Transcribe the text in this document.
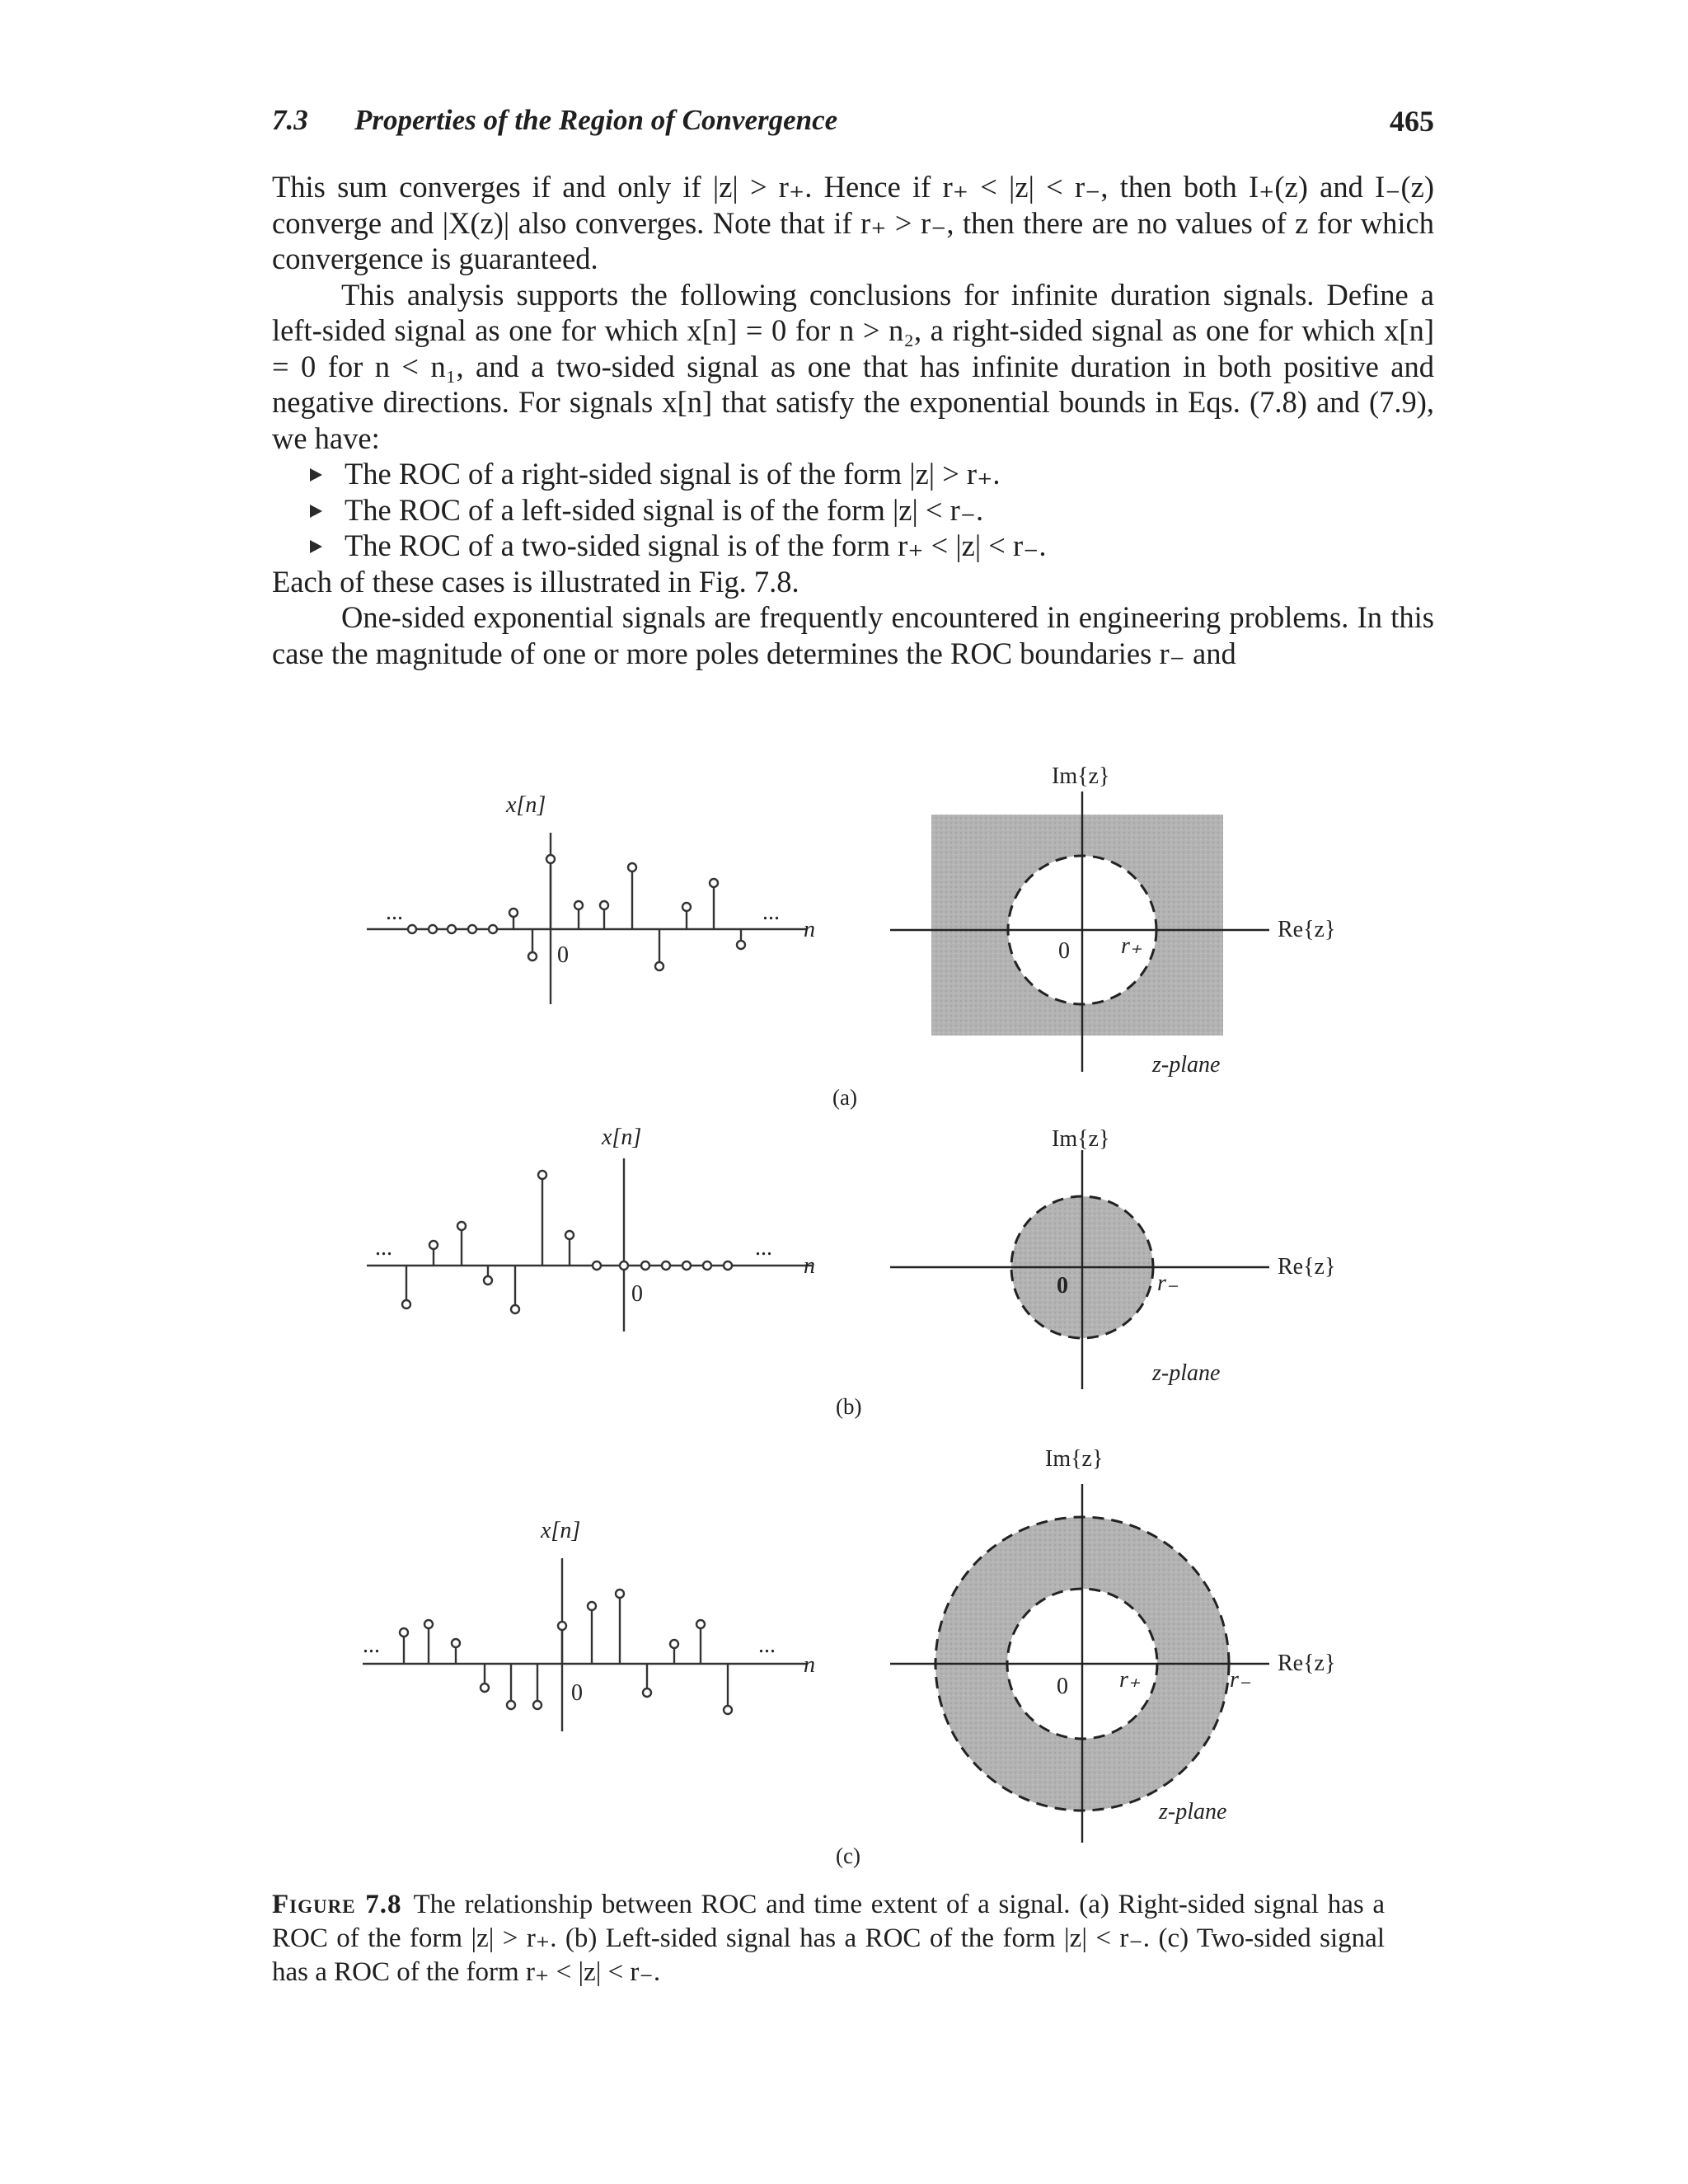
7.3 Properties of the Region of Convergence	465

This sum converges if and only if |z| > r₊. Hence if r₊ < |z| < r₋, then both I₊(z) and I₋(z) converge and |X(z)| also converges. Note that if r₊ > r₋, then there are no values of z for which convergence is guaranteed.

This analysis supports the following conclusions for infinite duration signals. Define a left-sided signal as one for which x[n] = 0 for n > n₂, a right-sided signal as one for which x[n] = 0 for n < n₁, and a two-sided signal as one that has infinite duration in both positive and negative directions. For signals x[n] that satisfy the exponential bounds in Eqs. (7.8) and (7.9), we have:

The ROC of a right-sided signal is of the form |z| > r₊.
The ROC of a left-sided signal is of the form |z| < r₋.
The ROC of a two-sided signal is of the form r₊ < |z| < r₋.

Each of these cases is illustrated in Fig. 7.8.

One-sided exponential signals are frequently encountered in engineering problems. In this case the magnitude of one or more poles determines the ROC boundaries r₋ and

x[n]
...	...
n
0
Im{z}
Re{z}
0 r₊
z-plane
(a)
x[n]
...	...
n
0
Im{z}
Re{z}
0	r₋
z-plane
(b)
x[n]
...	...
n
0
Im{z}
Re{z}
0 r₊	r₋
z-plane
(c)
Figure 7.8 The relationship between ROC and time extent of a signal. (a) Right-sided signal has a ROC of the form |z| > r₊. (b) Left-sided signal has a ROC of the form |z| < r₋. (c) Two-sided signal has a ROC of the form r₊ < |z| < r₋.
